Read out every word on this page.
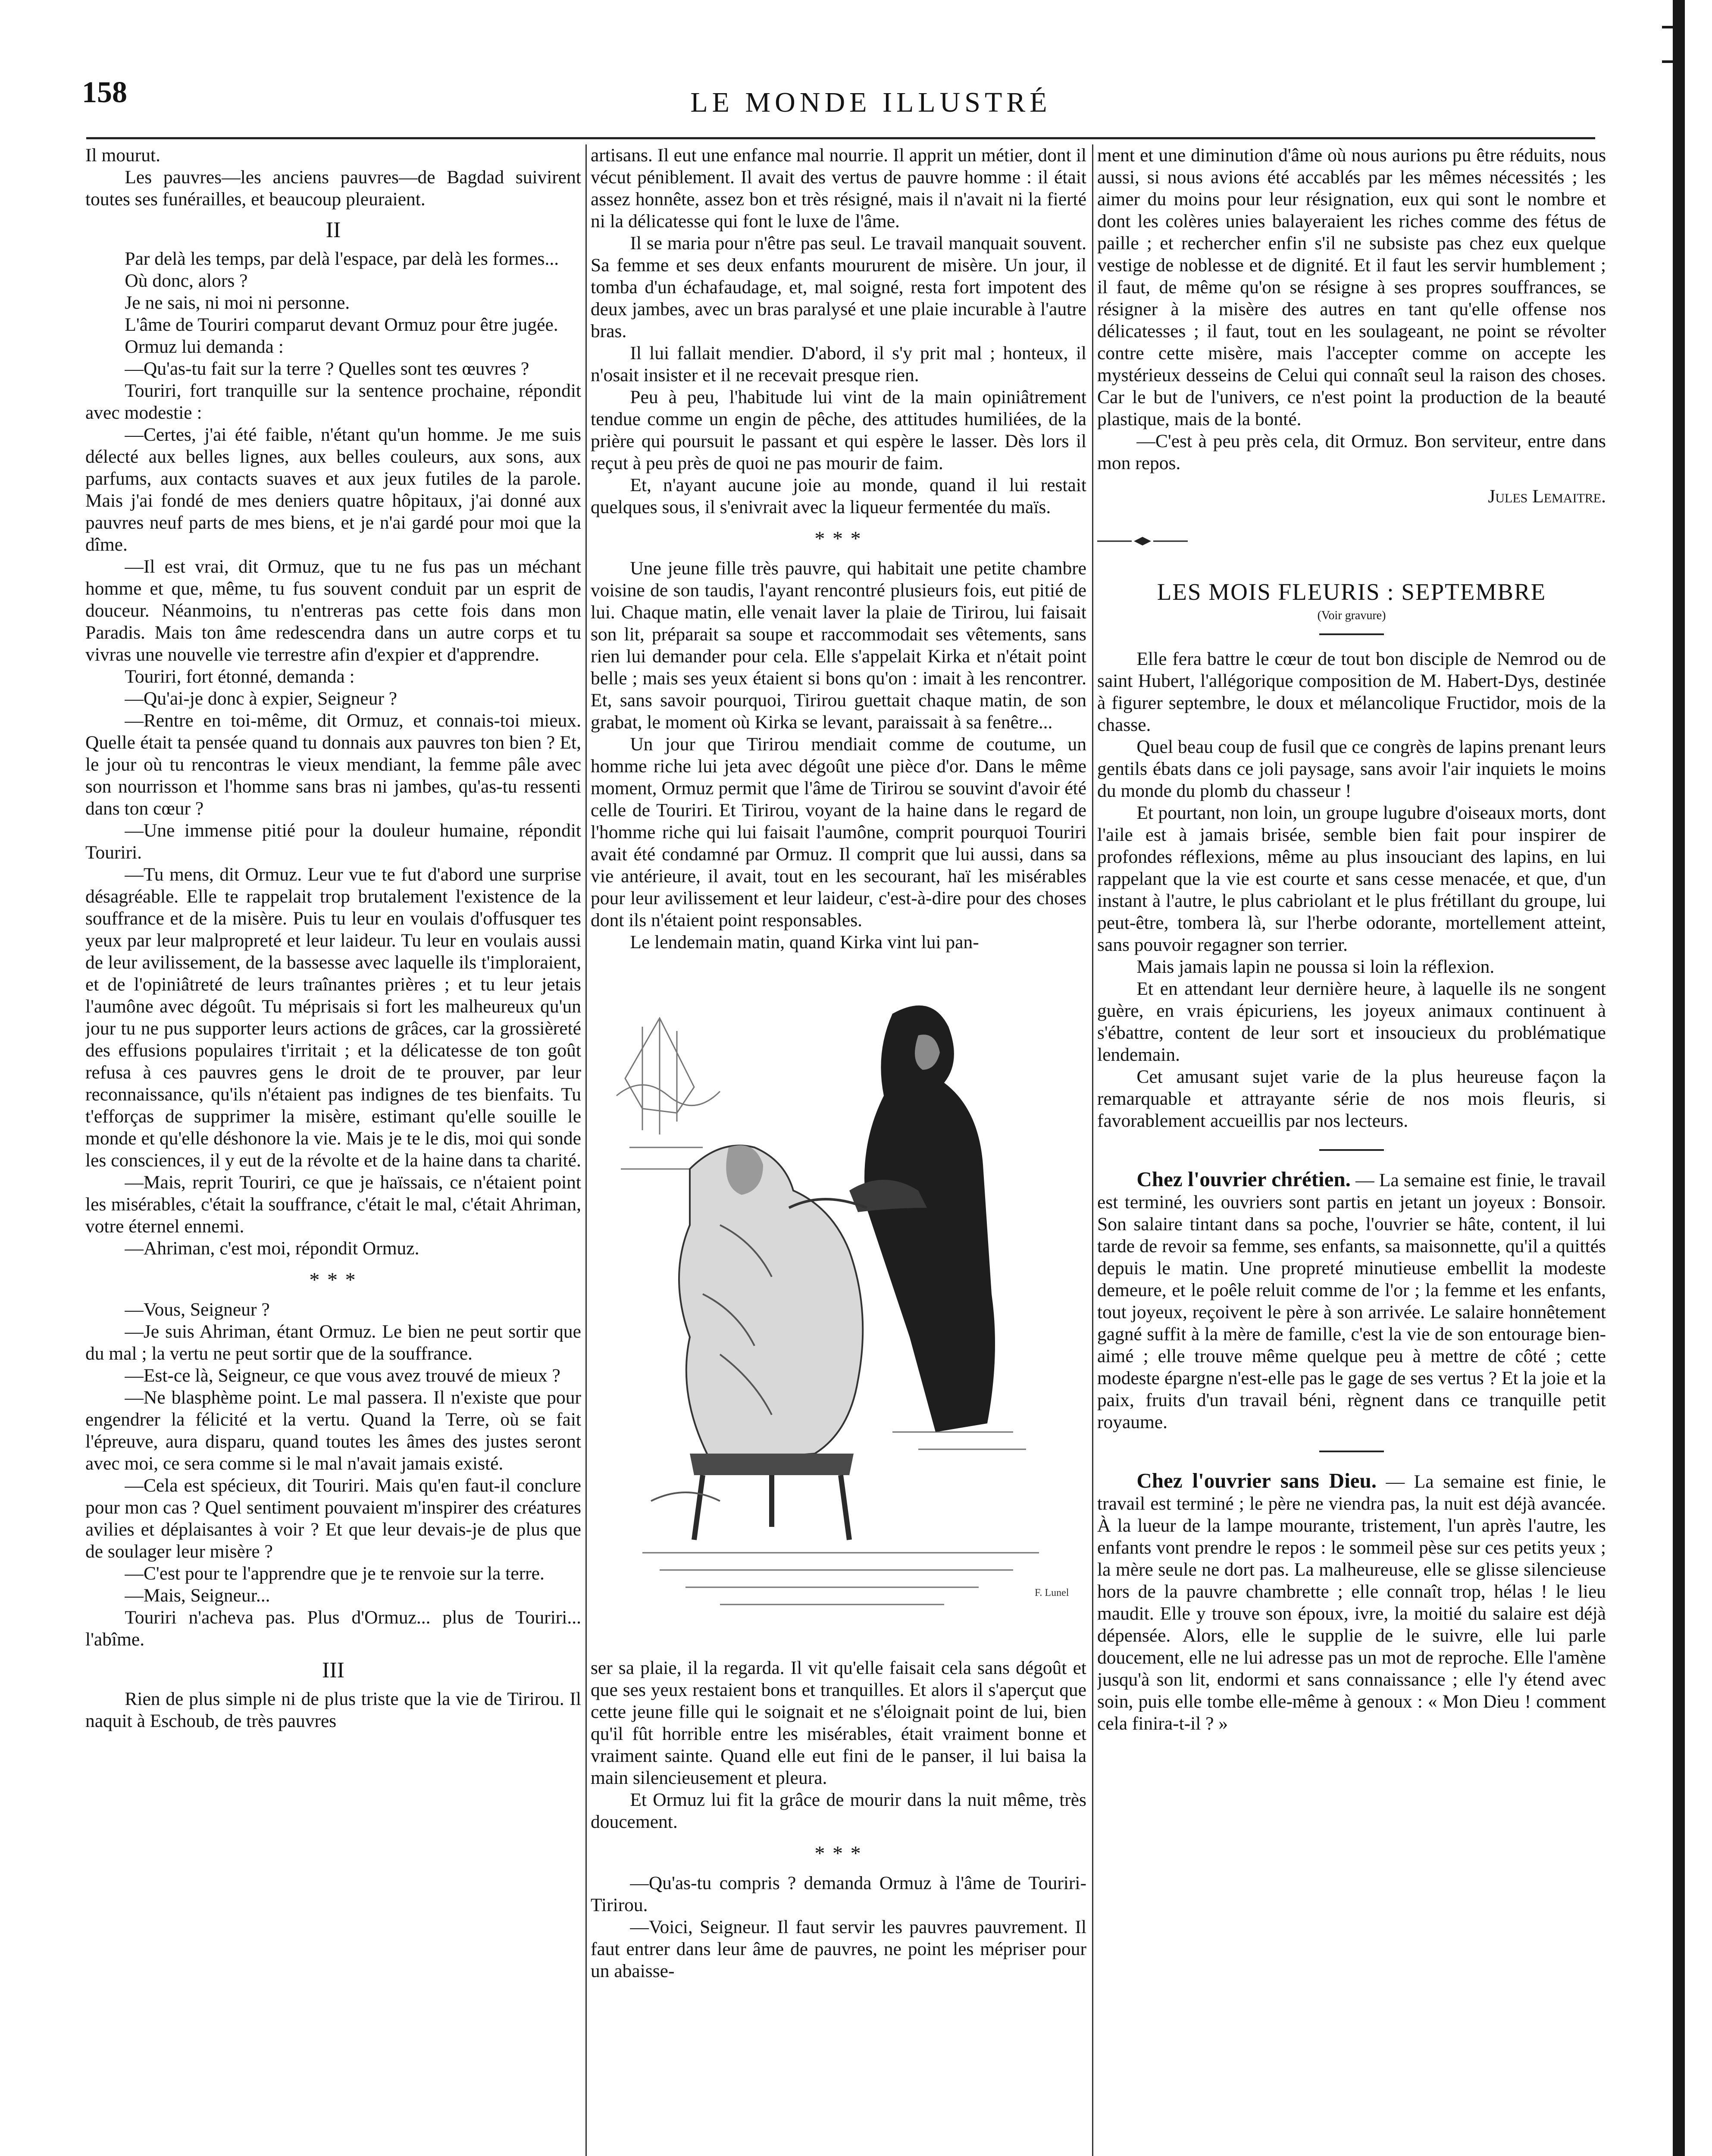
158	LE MONDE ILLUSTRÉ

Il mourut.

Les pauvres—les anciens pauvres—de Bagdad suivirent toutes ses funérailles, et beaucoup pleuraient.

II

Par delà les temps, par delà l'espace, par delà les formes...

Où donc, alors ?

Je ne sais, ni moi ni personne.

L'âme de Touriri comparut devant Ormuz pour être jugée.

Ormuz lui demanda :

—Qu'as-tu fait sur la terre ? Quelles sont tes œuvres ?

Touriri, fort tranquille sur la sentence prochaine, répondit avec modestie :

—Certes, j'ai été faible, n'étant qu'un homme. Je me suis délecté aux belles lignes, aux belles couleurs, aux sons, aux parfums, aux contacts suaves et aux jeux futiles de la parole. Mais j'ai fondé de mes deniers quatre hôpitaux, j'ai donné aux pauvres neuf parts de mes biens, et je n'ai gardé pour moi que la dîme.

—Il est vrai, dit Ormuz, que tu ne fus pas un méchant homme et que, même, tu fus souvent conduit par un esprit de douceur. Néanmoins, tu n'entreras pas cette fois dans mon Paradis. Mais ton âme redescendra dans un autre corps et tu vivras une nouvelle vie terrestre afin d'expier et d'apprendre.

Touriri, fort étonné, demanda :

—Qu'ai-je donc à expier, Seigneur ?

—Rentre en toi-même, dit Ormuz, et connais-toi mieux. Quelle était ta pensée quand tu donnais aux pauvres ton bien ? Et, le jour où tu rencontras le vieux mendiant, la femme pâle avec son nourrisson et l'homme sans bras ni jambes, qu'as-tu ressenti dans ton cœur ?

—Une immense pitié pour la douleur humaine, répondit Touriri.

—Tu mens, dit Ormuz. Leur vue te fut d'abord une surprise désagréable. Elle te rappelait trop brutalement l'existence de la souffrance et de la misère. Puis tu leur en voulais d'offusquer tes yeux par leur malpropreté et leur laideur. Tu leur en voulais aussi de leur avilissement, de la bassesse avec laquelle ils t'imploraient, et de l'opiniâtreté de leurs traînantes prières ; et tu leur jetais l'aumône avec dégoût. Tu méprisais si fort les malheureux qu'un jour tu ne pus supporter leurs actions de grâces, car la grossièreté des effusions populaires t'irritait ; et la délicatesse de ton goût refusa à ces pauvres gens le droit de te prouver, par leur reconnaissance, qu'ils n'étaient pas indignes de tes bienfaits. Tu t'efforças de supprimer la misère, estimant qu'elle souille le monde et qu'elle déshonore la vie. Mais je te le dis, moi qui sonde les consciences, il y eut de la révolte et de la haine dans ta charité.

—Mais, reprit Touriri, ce que je haïssais, ce n'étaient point les misérables, c'était la souffrance, c'était le mal, c'était Ahriman, votre éternel ennemi.

—Ahriman, c'est moi, répondit Ormuz.

* * *

—Vous, Seigneur ?

—Je suis Ahriman, étant Ormuz. Le bien ne peut sortir que du mal ; la vertu ne peut sortir que de la souffrance.

—Est-ce là, Seigneur, ce que vous avez trouvé de mieux ?

—Ne blasphème point. Le mal passera. Il n'existe que pour engendrer la félicité et la vertu. Quand la Terre, où se fait l'épreuve, aura disparu, quand toutes les âmes des justes seront avec moi, ce sera comme si le mal n'avait jamais existé.

—Cela est spécieux, dit Touriri. Mais qu'en faut-il conclure pour mon cas ? Quel sentiment pouvaient m'inspirer des créatures avilies et déplaisantes à voir ? Et que leur devais-je de plus que de soulager leur misère ?

—C'est pour te l'apprendre que je te renvoie sur la terre.

—Mais, Seigneur...

Touriri n'acheva pas. Plus d'Ormuz... plus de Touriri... l'abîme.

III

Rien de plus simple ni de plus triste que la vie de Tirirou. Il naquit à Eschoub, de très pauvres

artisans. Il eut une enfance mal nourrie. Il apprit un métier, dont il vécut péniblement. Il avait des vertus de pauvre homme : il était assez honnête, assez bon et très résigné, mais il n'avait ni la fierté ni la délicatesse qui font le luxe de l'âme.

Il se maria pour n'être pas seul. Le travail manquait souvent. Sa femme et ses deux enfants moururent de misère. Un jour, il tomba d'un échafaudage, et, mal soigné, resta fort impotent des deux jambes, avec un bras paralysé et une plaie incurable à l'autre bras.

Il lui fallait mendier. D'abord, il s'y prit mal ; honteux, il n'osait insister et il ne recevait presque rien.

Peu à peu, l'habitude lui vint de la main opiniâtrement tendue comme un engin de pêche, des attitudes humiliées, de la prière qui poursuit le passant et qui espère le lasser. Dès lors il reçut à peu près de quoi ne pas mourir de faim.

Et, n'ayant aucune joie au monde, quand il lui restait quelques sous, il s'enivrait avec la liqueur fermentée du maïs.

* * *

Une jeune fille très pauvre, qui habitait une petite chambre voisine de son taudis, l'ayant rencontré plusieurs fois, eut pitié de lui. Chaque matin, elle venait laver la plaie de Tirirou, lui faisait son lit, préparait sa soupe et raccommodait ses vêtements, sans rien lui demander pour cela. Elle s'appelait Kirka et n'était point belle ; mais ses yeux étaient si bons qu'on : imait à les rencontrer. Et, sans savoir pourquoi, Tirirou guettait chaque matin, de son grabat, le moment où Kirka se levant, paraissait à sa fenêtre...

Un jour que Tirirou mendiait comme de coutume, un homme riche lui jeta avec dégoût une pièce d'or. Dans le même moment, Ormuz permit que l'âme de Tirirou se souvint d'avoir été celle de Touriri. Et Tirirou, voyant de la haine dans le regard de l'homme riche qui lui faisait l'aumône, comprit pourquoi Touriri avait été condamné par Ormuz. Il comprit que lui aussi, dans sa vie antérieure, il avait, tout en les secourant, haï les misérables pour leur avilissement et leur laideur, c'est-à-dire pour des choses dont ils n'étaient point responsables.

Le lendemain matin, quand Kirka vint lui pan-

F. Lunel

ser sa plaie, il la regarda. Il vit qu'elle faisait cela sans dégoût et que ses yeux restaient bons et tranquilles. Et alors il s'aperçut que cette jeune fille qui le soignait et ne s'éloignait point de lui, bien qu'il fût horrible entre les misérables, était vraiment bonne et vraiment sainte. Quand elle eut fini de le panser, il lui baisa la main silencieusement et pleura.

Et Ormuz lui fit la grâce de mourir dans la nuit même, très doucement.

* * *

—Qu'as-tu compris ? demanda Ormuz à l'âme de Touriri-Tirirou.

—Voici, Seigneur. Il faut servir les pauvres pauvrement. Il faut entrer dans leur âme de pauvres, ne point les mépriser pour un abaisse-

ment et une diminution d'âme où nous aurions pu être réduits, nous aussi, si nous avions été accablés par les mêmes nécessités ; les aimer du moins pour leur résignation, eux qui sont le nombre et dont les colères unies balayeraient les riches comme des fétus de paille ; et rechercher enfin s'il ne subsiste pas chez eux quelque vestige de noblesse et de dignité. Et il faut les servir humblement ; il faut, de même qu'on se résigne à ses propres souffrances, se résigner à la misère des autres en tant qu'elle offense nos délicatesses ; il faut, tout en les soulageant, ne point se révolter contre cette misère, mais l'accepter comme on accepte les mystérieux desseins de Celui qui connaît seul la raison des choses. Car le but de l'univers, ce n'est point la production de la beauté plastique, mais de la bonté.

—C'est à peu près cela, dit Ormuz. Bon serviteur, entre dans mon repos.

Jules Lemaitre.
LES MOIS FLEURIS : SEPTEMBRE
(Voir gravure)

Elle fera battre le cœur de tout bon disciple de Nemrod ou de saint Hubert, l'allégorique composition de M. Habert-Dys, destinée à figurer septembre, le doux et mélancolique Fructidor, mois de la chasse.

Quel beau coup de fusil que ce congrès de lapins prenant leurs gentils ébats dans ce joli paysage, sans avoir l'air inquiets le moins du monde du plomb du chasseur !

Et pourtant, non loin, un groupe lugubre d'oiseaux morts, dont l'aile est à jamais brisée, semble bien fait pour inspirer de profondes réflexions, même au plus insouciant des lapins, en lui rappelant que la vie est courte et sans cesse menacée, et que, d'un instant à l'autre, le plus cabriolant et le plus frétillant du groupe, lui peut-être, tombera là, sur l'herbe odorante, mortellement atteint, sans pouvoir regagner son terrier.

Mais jamais lapin ne poussa si loin la réflexion.

Et en attendant leur dernière heure, à laquelle ils ne songent guère, en vrais épicuriens, les joyeux animaux continuent à s'ébattre, content de leur sort et insoucieux du problématique lendemain.

Cet amusant sujet varie de la plus heureuse façon la remarquable et attrayante série de nos mois fleuris, si favorablement accueillis par nos lecteurs.

Chez l'ouvrier chrétien. — La semaine est finie, le travail est terminé, les ouvriers sont partis en jetant un joyeux : Bonsoir. Son salaire tintant dans sa poche, l'ouvrier se hâte, content, il lui tarde de revoir sa femme, ses enfants, sa maisonnette, qu'il a quittés depuis le matin. Une propreté minutieuse embellit la modeste demeure, et le poêle reluit comme de l'or ; la femme et les enfants, tout joyeux, reçoivent le père à son arrivée. Le salaire honnêtement gagné suffit à la mère de famille, c'est la vie de son entourage bien-aimé ; elle trouve même quelque peu à mettre de côté ; cette modeste épargne n'est-elle pas le gage de ses vertus ? Et la joie et la paix, fruits d'un travail béni, règnent dans ce tranquille petit royaume.

Chez l'ouvrier sans Dieu. — La semaine est finie, le travail est terminé ; le père ne viendra pas, la nuit est déjà avancée. À la lueur de la lampe mourante, tristement, l'un après l'autre, les enfants vont prendre le repos : le sommeil pèse sur ces petits yeux ; la mère seule ne dort pas. La malheureuse, elle se glisse silencieuse hors de la pauvre chambrette ; elle connaît trop, hélas ! le lieu maudit. Elle y trouve son époux, ivre, la moitié du salaire est déjà dépensée. Alors, elle le supplie de le suivre, elle lui parle doucement, elle ne lui adresse pas un mot de reproche. Elle l'amène jusqu'à son lit, endormi et sans connaissance ; elle l'y étend avec soin, puis elle tombe elle-même à genoux : « Mon Dieu ! comment cela finira-t-il ? »
